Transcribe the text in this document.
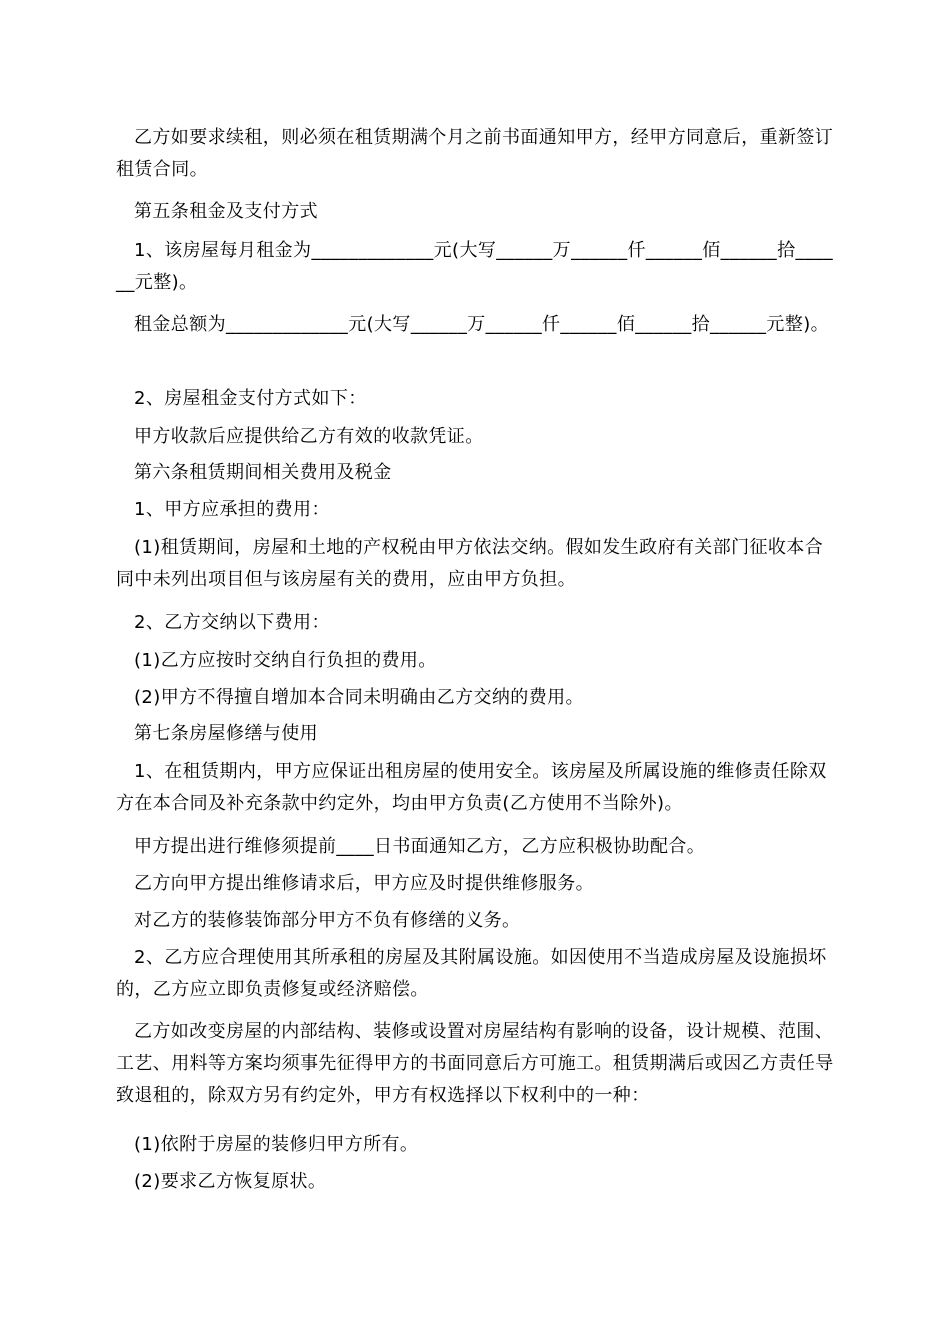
乙方如要求续租，则必须在租赁期满个月之前书面通知甲方，经甲方同意后，重新签订租赁合同。

第五条租金及支付方式

1、该房屋每月租金为_____________元(大写______万______仟______佰______拾______元整)。

租金总额为_____________元(大写______万______仟______佰______拾______元整)。

2、房屋租金支付方式如下：

甲方收款后应提供给乙方有效的收款凭证。

第六条租赁期间相关费用及税金

1、甲方应承担的费用：

(1)租赁期间，房屋和土地的产权税由甲方依法交纳。假如发生政府有关部门征收本合同中未列出项目但与该房屋有关的费用，应由甲方负担。

2、乙方交纳以下费用：

(1)乙方应按时交纳自行负担的费用。

(2)甲方不得擅自增加本合同未明确由乙方交纳的费用。

第七条房屋修缮与使用

1、在租赁期内，甲方应保证出租房屋的使用安全。该房屋及所属设施的维修责任除双方在本合同及补充条款中约定外，均由甲方负责(乙方使用不当除外)。

甲方提出进行维修须提前____日书面通知乙方，乙方应积极协助配合。

乙方向甲方提出维修请求后，甲方应及时提供维修服务。

对乙方的装修装饰部分甲方不负有修缮的义务。

2、乙方应合理使用其所承租的房屋及其附属设施。如因使用不当造成房屋及设施损坏的，乙方应立即负责修复或经济赔偿。

乙方如改变房屋的内部结构、装修或设置对房屋结构有影响的设备，设计规模、范围、工艺、用料等方案均须事先征得甲方的书面同意后方可施工。租赁期满后或因乙方责任导致退租的，除双方另有约定外，甲方有权选择以下权利中的一种：

(1)依附于房屋的装修归甲方所有。

(2)要求乙方恢复原状。
